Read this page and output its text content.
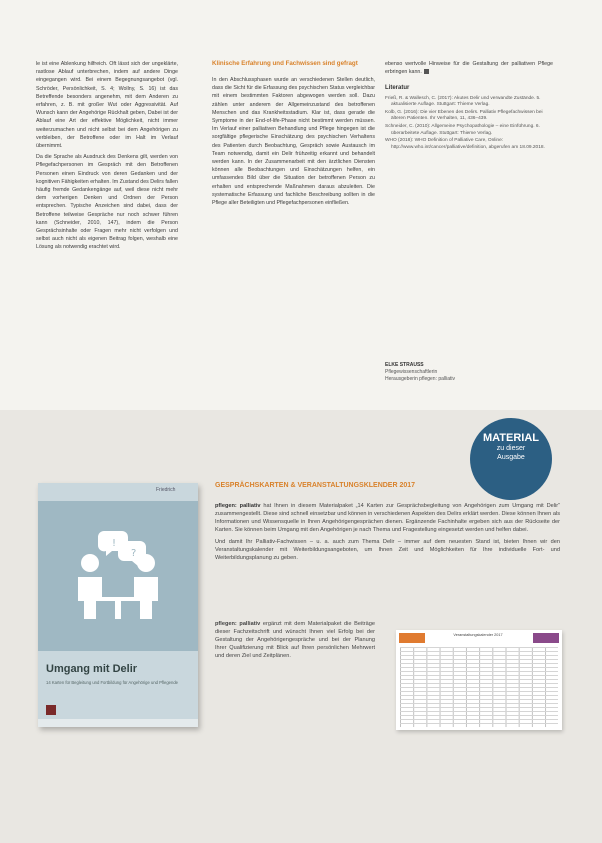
le ist eine Ablenkung hilfreich. Oft lässt sich der ungeklärte, rastlose Ablauf unterbrechen, indem auf andere Dinge eingegangen wird. Bei einem Begegnungsangebot (vgl. Schröder, Persönlichkeit, S. 4; Wollny, S. 16) ist das Betreffende besonders angenehm, mit dem Anderen zu erfahren, z. B. mit großer Wut oder Aggressivität. Auf Wunsch kann der Angehörige Rückhalt geben, Dabei ist der Ablauf eine Art der effektive Möglichkeit, nicht immer weiterzumachen und nicht selbst bei dem Angehörigen zu verbleiben, der Betroffene oder im Halt im Verlauf übernimmt.

Da die Sprache als Ausdruck des Denkens gilt, werden von Pflegefachpersonen im Gespräch mit den Betroffenen Personen einen Eindruck von deren Gedanken und der kognitiven Fähigkeiten erhalten. Im Zustand des Delirs fallen häufig fremde Gedankengänge auf, weil diese nicht mehr dem vorherigen Denken und Ordnen der Person entsprechen. Typische Anzeichen sind dabei, dass der Betroffene teilweise Gespräche nur noch schwer führen kann (Schneider, 2010, 147), indem die Person Gesprächsinhalte oder Fragen mehr nicht verfolgen und selbst auch nicht als eigenen Beitrag folgen, weshalb eine Lösung als notwendig erachtet wird.

Klinische Erfahrung und Fachwissen sind gefragt

In den Abschlussphasen wurde an verschiedenen Stellen deutlich, dass die Sicht für die Erfassung des psychischen Status vergleichbar mit einem bestimmten Faktoren abgewogen werden soll. Dazu zählen unter anderem der Allgemeinzustand des betroffenen Menschen und das Krankheitsstadium. Klar ist, dass gerade die Symptome in der End-of-life-Phase nicht bestimmt werden müssen. Im Verlauf einer palliativen Behandlung und Pflege hingegen ist die sorgfältige pflegerische Einschätzung des psychischen Verhaltens des Patienten durch Beobachtung, Gespräch sowie Austausch im Team notwendig, damit ein Delir frühzeitig erkannt und behandelt werden kann. In der Zusammenarbeit mit den ärztlichen Diensten können alle Beobachtungen und Einschätzungen helfen, ein umfassendes Bild über die Situation der betroffenen Person zu erhalten und entsprechende Maßnahmen daraus abzuleiten. Die systematische Erfassung und fachliche Beschreibung sollten in die Pflege aller Beteiligten und Pflegefachpersonen einfließen.

ebenso wertvolle Hinweise für die Gestaltung der palliativen Pflege erbringen kann.

Literatur

Frieß, R. & Wallesch, C. (2017): Akutes Delir und verwandte Zustände. 5. aktualisierte Auflage. Stuttgart: Thieme Verlag.
Kolb, G. (2016): Die vier Ebenen des Delirs. Palliativ Pflegefachwissen bei älteren Patienten. Ihr Verhalten, 11, 436–439.
Schneider, C. (2010): Allgemeine Psychopathologie – eine Einführung. 6. überarbeitete Auflage. Stuttgart: Thieme Verlag.
WHO (2018): WHO Definition of Palliative Care, Online: http://www.who.int/cancer/palliative/definition, abgerufen am 18.09.2018.
ELKE STRAUSS
Pflegewissenschaftlerin
Herausgeberin pflegen: palliativ
MATERIAL
zu dieser
Ausgabe
Friedrich
!
?
Umgang mit Delir
14 Karten für Begleitung und Fortbildung für Angehörige und Pflegende
GESPRÄCHSKARTEN & VERANSTALTUNGSKLENDER 2017

pflegen: palliativ hat Ihnen in diesem Materialpaket „14 Karten zur Gesprächsbegleitung von Angehörigen zum Umgang mit Delir“ zusammengestellt. Diese sind schnell einsetzbar und können in verschiedenen Aspekten des Delirs erklärt werden. Diese können Ihnen als Informationen und Wissensquelle in Ihren Angehörigengesprächen dienen. Ergänzende Fachinhalte ergeben sich aus der Rückseite der Karten. Sie können beim Umgang mit den Angehörigen je nach Thema und Fragestellung eingesetzt werden und helfen dabei.

Und damit Ihr Palliativ-Fachwissen – u. a. auch zum Thema Delir – immer auf dem neuesten Stand ist, bieten Ihnen wir den Veranstaltungskalender mit Weiterbildungsangeboten, um Ihnen Zeit und Möglichkeiten für Ihre individuelle Fort- und Weiterbildungsplanung zu geben.

pflegen: palliativ ergänzt mit dem Materialpaket die Beiträge dieser Fachzeitschrift und wünscht Ihnen viel Erfolg bei der Gestaltung der Angehörigengespräche und bei der Planung Ihrer Qualifizierung mit Blick auf Ihren persönlichen Mehrwert und deren Ziel und Zeitplänen.

Veranstaltungskalender 2017
